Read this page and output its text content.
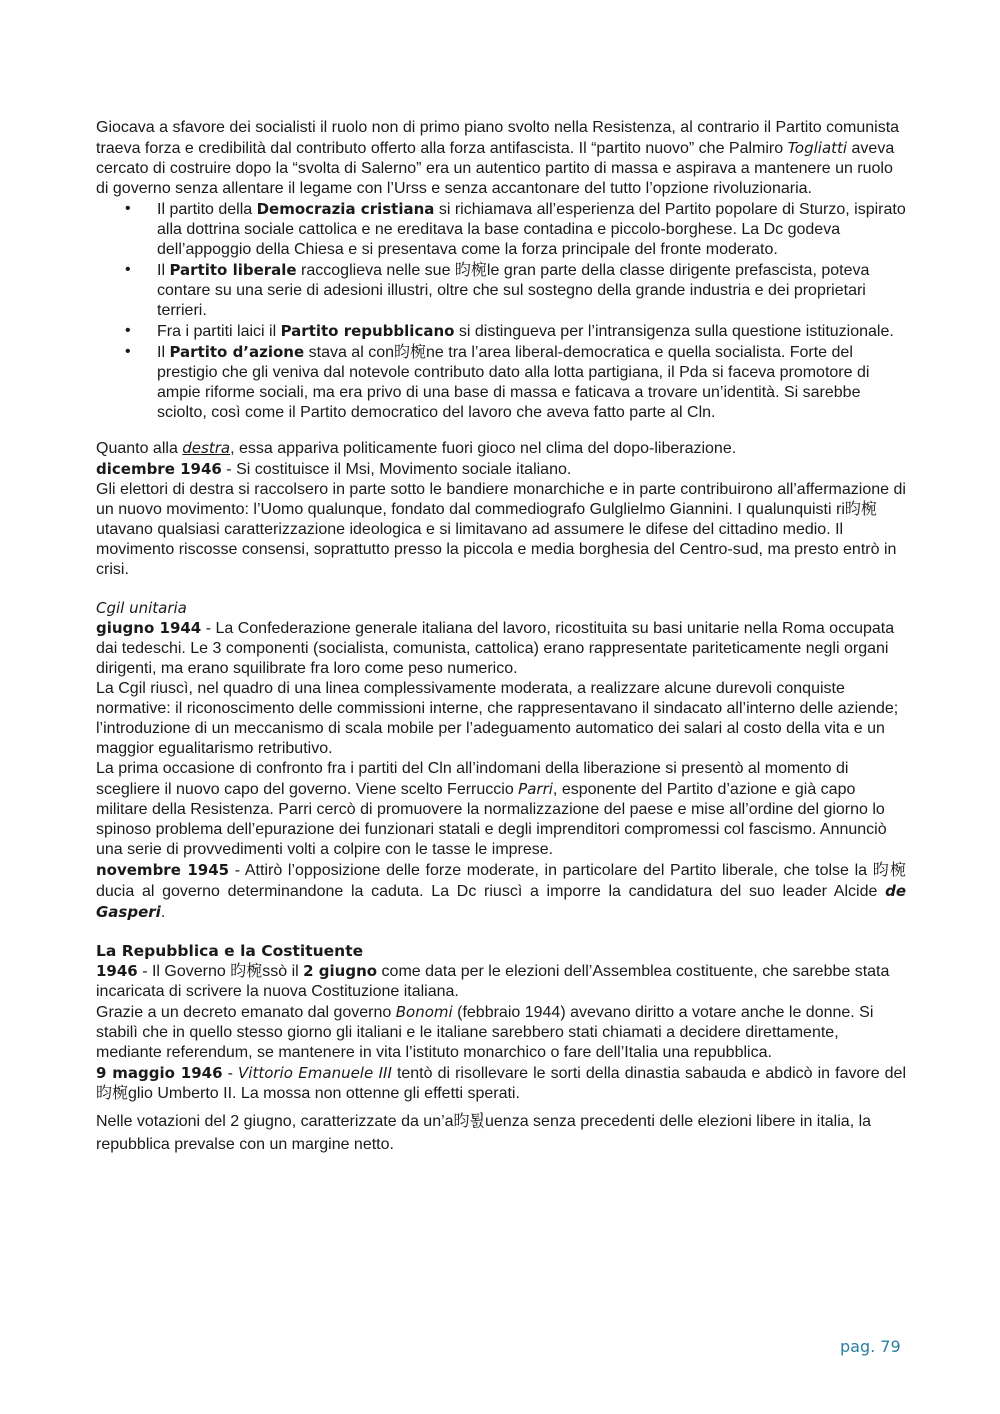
Giocava a sfavore dei socialisti il ruolo non di primo piano svolto nella Resistenza, al contrario il Partito comunista traeva forza e credibilità dal contributo offerto alla forza antifascista. Il “partito nuovo” che Palmiro Togliatti aveva cercato di costruire dopo la “svolta di Salerno” era un autentico partito di massa e aspirava a mantenere un ruolo di governo senza allentare il legame con l’Urss e senza accantonare del tutto l’opzione rivoluzionaria.

• Il partito della Democrazia cristiana si richiamava all’esperienza del Partito popolare di Sturzo, ispirato alla dottrina sociale cattolica e ne ereditava la base contadina e piccolo-borghese. La Dc godeva dell’appoggio della Chiesa e si presentava come la forza principale del fronte moderato.
• Il Partito liberale raccoglieva nelle sue 昀椀le gran parte della classe dirigente prefascista, poteva contare su una serie di adesioni illustri, oltre che sul sostegno della grande industria e dei proprietari terrieri.
• Fra i partiti laici il Partito repubblicano si distingueva per l’intransigenza sulla questione istituzionale.
• Il Partito d’azione stava al con昀椀ne tra l’area liberal-democratica e quella socialista. Forte del prestigio che gli veniva dal notevole contributo dato alla lotta partigiana, il Pda si faceva promotore di ampie riforme sociali, ma era privo di una base di massa e faticava a trovare un’identità. Si sarebbe sciolto, così come il Partito democratico del lavoro che aveva fatto parte al Cln.

Quanto alla destra, essa appariva politicamente fuori gioco nel clima del dopo-liberazione.

dicembre 1946 - Si costituisce il Msi, Movimento sociale italiano.

Gli elettori di destra si raccolsero in parte sotto le bandiere monarchiche e in parte contribuirono all’affermazione di un nuovo movimento: l’Uomo qualunque, fondato dal commediografo Gulglielmo Giannini. I qualunquisti ri昀椀utavano qualsiasi caratterizzazione ideologica e si limitavano ad assumere le difese del cittadino medio. Il movimento riscosse consensi, soprattutto presso la piccola e media borghesia del Centro-sud, ma presto entrò in crisi.

Cgil unitaria

giugno 1944 - La Confederazione generale italiana del lavoro, ricostituita su basi unitarie nella Roma occupata dai tedeschi. Le 3 componenti (socialista, comunista, cattolica) erano rappresentate pariteticamente negli organi dirigenti, ma erano squilibrate fra loro come peso numerico.

La Cgil riuscì, nel quadro di una linea complessivamente moderata, a realizzare alcune durevoli conquiste normative: il riconoscimento delle commissioni interne, che rappresentavano il sindacato all’interno delle aziende; l’introduzione di un meccanismo di scala mobile per l’adeguamento automatico dei salari al costo della vita e un maggior egualitarismo retributivo.

La prima occasione di confronto fra i partiti del Cln all’indomani della liberazione si presentò al momento di scegliere il nuovo capo del governo. Viene scelto Ferruccio Parri, esponente del Partito d’azione e già capo militare della Resistenza. Parri cercò di promuovere la normalizzazione del paese e mise all’ordine del giorno lo spinoso problema dell’epurazione dei funzionari statali e degli imprenditori compromessi col fascismo. Annunciò una serie di provvedimenti volti a colpire con le tasse le imprese.

novembre 1945 - Attirò l’opposizione delle forze moderate, in particolare del Partito liberale, che tolse la 昀椀ducia al governo determinandone la caduta. La Dc riuscì a imporre la candidatura del suo leader Alcide de Gasperi.

La Repubblica e la Costituente

1946 - Il Governo 昀椀ssò il 2 giugno come data per le elezioni dell’Assemblea costituente, che sarebbe stata incaricata di scrivere la nuova Costituzione italiana.

Grazie a un decreto emanato dal governo Bonomi (febbraio 1944) avevano diritto a votare anche le donne. Si stabilì che in quello stesso giorno gli italiani e le italiane sarebbero stati chiamati a decidere direttamente, mediante referendum, se mantenere in vita l’istituto monarchico o fare dell’Italia una repubblica.

9 maggio 1946 - Vittorio Emanuele III tentò di risollevare le sorti della dinastia sabauda e abdicò in favore del 昀椀glio Umberto II. La mossa non ottenne gli effetti sperati.

Nelle votazioni del 2 giugno, caratterizzate da un’a昀툀uenza senza precedenti delle elezioni libere in italia, la repubblica prevalse con un margine netto.

pag. 79
